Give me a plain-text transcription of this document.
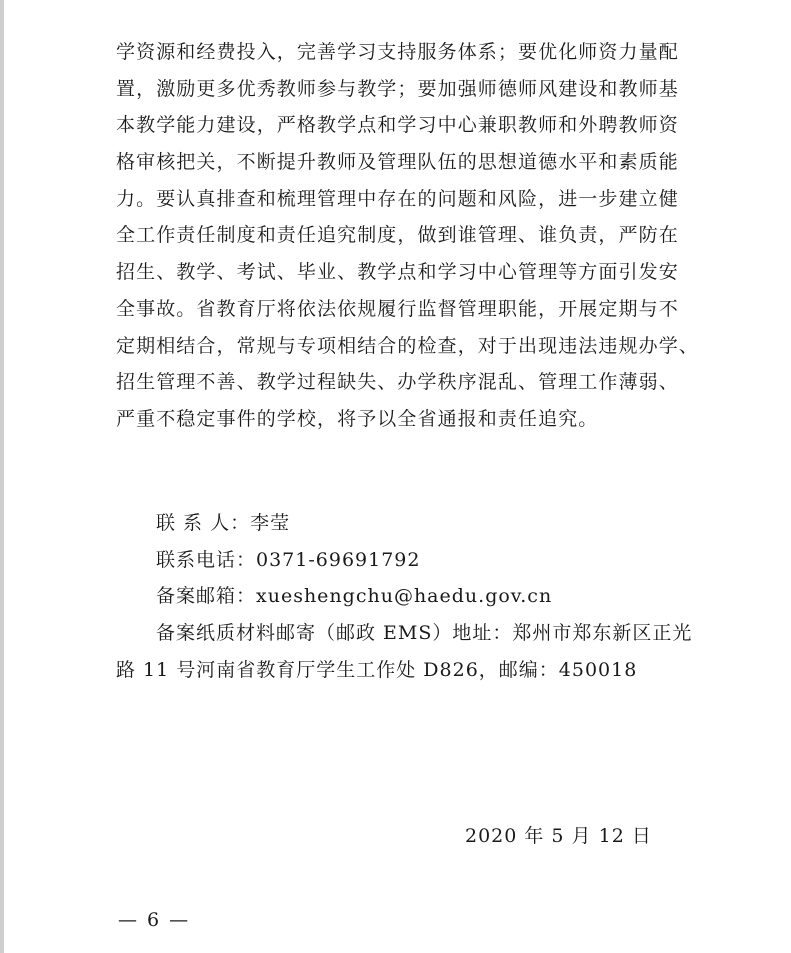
学资源和经费投入，完善学习支持服务体系；要优化师资力量配
置，激励更多优秀教师参与教学；要加强师德师风建设和教师基
本教学能力建设，严格教学点和学习中心兼职教师和外聘教师资
格审核把关，不断提升教师及管理队伍的思想道德水平和素质能
力。要认真排查和梳理管理中存在的问题和风险，进一步建立健
全工作责任制度和责任追究制度，做到谁管理、谁负责，严防在
招生、教学、考试、毕业、教学点和学习中心管理等方面引发安
全事故。省教育厅将依法依规履行监督管理职能，开展定期与不
定期相结合，常规与专项相结合的检查，对于出现违法违规办学、
招生管理不善、教学过程缺失、办学秩序混乱、管理工作薄弱、
严重不稳定事件的学校，将予以全省通报和责任追究。
联 系 人：李莹
联系电话：0371-69691792
备案邮箱：xueshengchu@haedu.gov.cn
备案纸质材料邮寄（邮政 EMS）地址：郑州市郑东新区正光
路 11 号河南省教育厅学生工作处 D826，邮编：450018
2020 年 5 月 12 日
— 6 —
